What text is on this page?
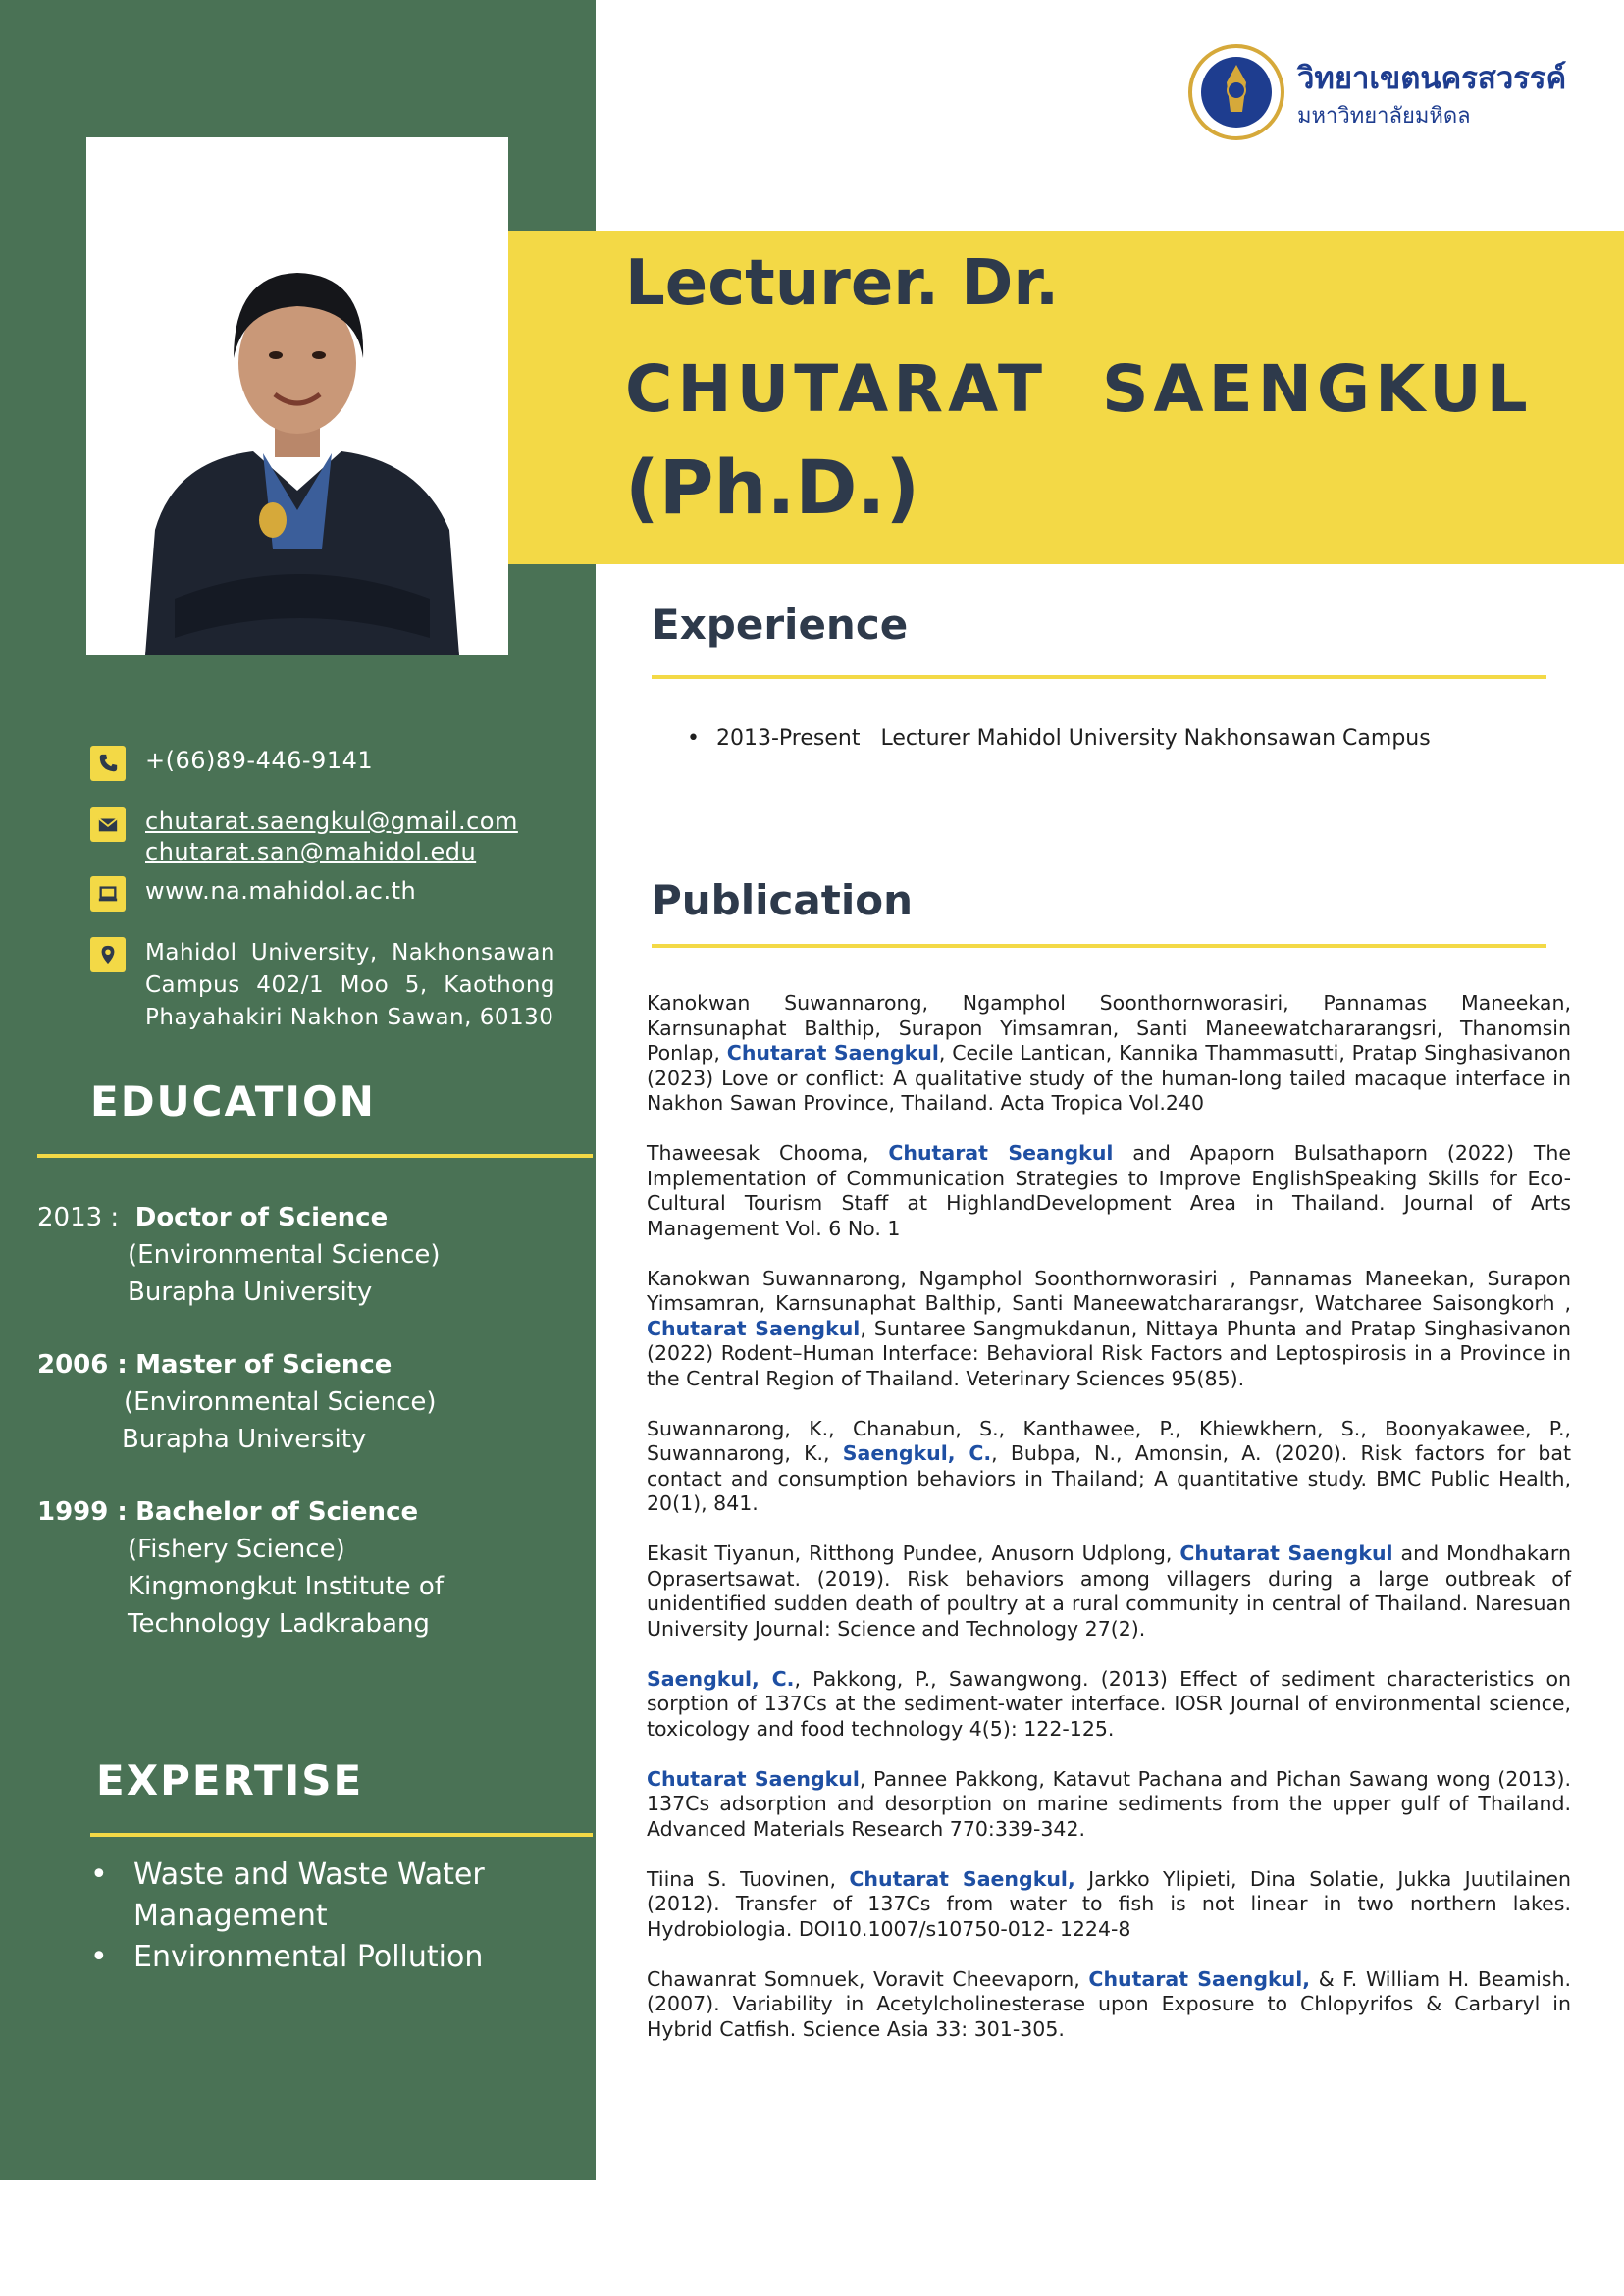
+(66)89-446-9141
chutarat.saengkul@gmail.com
chutarat.san@mahidol.edu
www.na.mahidol.ac.th
Mahidol University, Nakhonsawan Campus 402/1 Moo 5, Kaothong Phayahakiri Nakhon Sawan, 60130
EDUCATION
2013 : Doctor of Science
(Environmental Science)
Burapha University
2006 : Master of Science
(Environmental Science)
Burapha University
1999 : Bachelor of Science
(Fishery Science)
Kingmongkut Institute of Technology Ladkrabang
EXPERTISE
• Waste and Waste Water Management
• Environmental Pollution
วิทยาเขตนครสวรรค์
มหาวิทยาลัยมหิดล
Lecturer. Dr.
CHUTARAT  SAENGKUL
(Ph.D.)
Experience
• 2013-Present   Lecturer Mahidol University Nakhonsawan Campus
Publication

Kanokwan Suwannarong, Ngamphol Soonthornworasiri, Pannamas Maneekan, Karnsunaphat Balthip, Surapon Yimsamran, Santi Maneewatchararangsri, Thanomsin Ponlap, Chutarat Saengkul, Cecile Lantican, Kannika Thammasutti, Pratap Singhasivanon (2023) Love or conflict: A qualitative study of the human-long tailed macaque interface in Nakhon Sawan Province, Thailand. Acta Tropica Vol.240

Thaweesak Chooma, Chutarat Seangkul and Apaporn Bulsathaporn (2022) The Implementation of Communication Strategies to Improve EnglishSpeaking Skills for Eco-Cultural Tourism Staff at HighlandDevelopment Area in Thailand. Journal of Arts Management Vol. 6 No. 1

Kanokwan Suwannarong, Ngamphol Soonthornworasiri , Pannamas Maneekan, Surapon Yimsamran, Karnsunaphat Balthip, Santi Maneewatchararangsr, Watcharee Saisongkorh , Chutarat Saengkul, Suntaree Sangmukdanun, Nittaya Phunta and Pratap Singhasivanon (2022) Rodent–Human Interface: Behavioral Risk Factors and Leptospirosis in a Province in the Central Region of Thailand. Veterinary Sciences 95(85).

Suwannarong, K., Chanabun, S., Kanthawee, P., Khiewkhern, S., Boonyakawee, P., Suwannarong, K., Saengkul, C., Bubpa, N., Amonsin, A. (2020). Risk factors for bat contact and consumption behaviors in Thailand; A quantitative study. BMC Public Health, 20(1), 841.

Ekasit Tiyanun, Ritthong Pundee, Anusorn Udplong, Chutarat Saengkul and Mondhakarn Oprasertsawat. (2019). Risk behaviors among villagers during a large outbreak of unidentified sudden death of poultry at a rural community in central of Thailand. Naresuan University Journal: Science and Technology 27(2).

Saengkul, C., Pakkong, P., Sawangwong. (2013) Effect of sediment characteristics on sorption of 137Cs at the sediment-water interface. IOSR Journal of environmental science, toxicology and food technology 4(5): 122-125.

Chutarat Saengkul, Pannee Pakkong, Katavut Pachana and Pichan Sawang wong (2013). 137Cs adsorption and desorption on marine sediments from the upper gulf of Thailand. Advanced Materials Research 770:339-342.

Tiina S. Tuovinen, Chutarat Saengkul, Jarkko Ylipieti, Dina Solatie, Jukka Juutilainen (2012). Transfer of 137Cs from water to fish is not linear in two northern lakes. Hydrobiologia. DOI10.1007/s10750-012- 1224-8

Chawanrat Somnuek, Voravit Cheevaporn, Chutarat Saengkul, & F. William H. Beamish. (2007). Variability in Acetylcholinesterase upon Exposure to Chlopyrifos & Carbaryl in Hybrid Catfish. Science Asia 33: 301-305.
